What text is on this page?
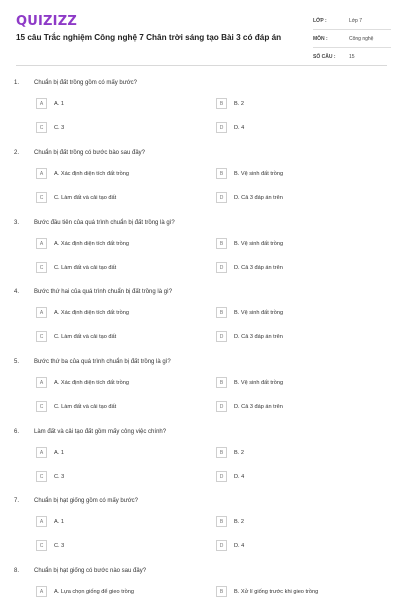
QUIZIZZ
15 câu Trắc nghiệm Công nghệ 7 Chân trời sáng tạo Bài 3 có đáp án
LỚP :	Lớp 7
MÔN :	Công nghệ
SỐ CÂU :	15
1. Chuẩn bị đất trồng gồm có mấy bước?
A	A. 1	B	B. 2
C	C. 3	D	D. 4
2. Chuẩn bị đất trồng có bước bào sau đây?
A	A. Xác định diện tích đất trồng	B	B. Vệ sinh đất trồng
C	C. Làm đất và cải tạo đất	D	D. Cả 3 đáp án trên
3. Bước đầu tiên của quá trình chuẩn bị đất trồng là gì?
A	A. Xác định diện tích đất trồng	B	B. Vệ sinh đất trồng
C	C. Làm đất và cải tạo đất	D	D. Cả 3 đáp án trên
4. Bước thứ hai của quá trình chuẩn bị đất trồng là gì?
A	A. Xác định diện tích đất trồng	B	B. Vệ sinh đất trồng
C	C. Làm đất và cải tạo đất	D	D. Cả 3 đáp án trên
5. Bước thứ ba của quá trình chuẩn bị đất trồng là gì?
A	A. Xác định diện tích đất trồng	B	B. Vệ sinh đất trồng
C	C. Làm đất và cải tạo đất	D	D. Cả 3 đáp án trên
6. Làm đất và cải tạo đất gồm mấy công việc chính?
A	A. 1	B	B. 2
C	C. 3	D	D. 4
7. Chuẩn bị hạt giống gồm có mấy bước?
A	A. 1	B	B. 2
C	C. 3	D	D. 4
8. Chuẩn bị hạt giống có bước nào sau đây?
A	A. Lựa chọn giống để gieo trồng	B	B. Xử lí giống trước khi gieo trồng
